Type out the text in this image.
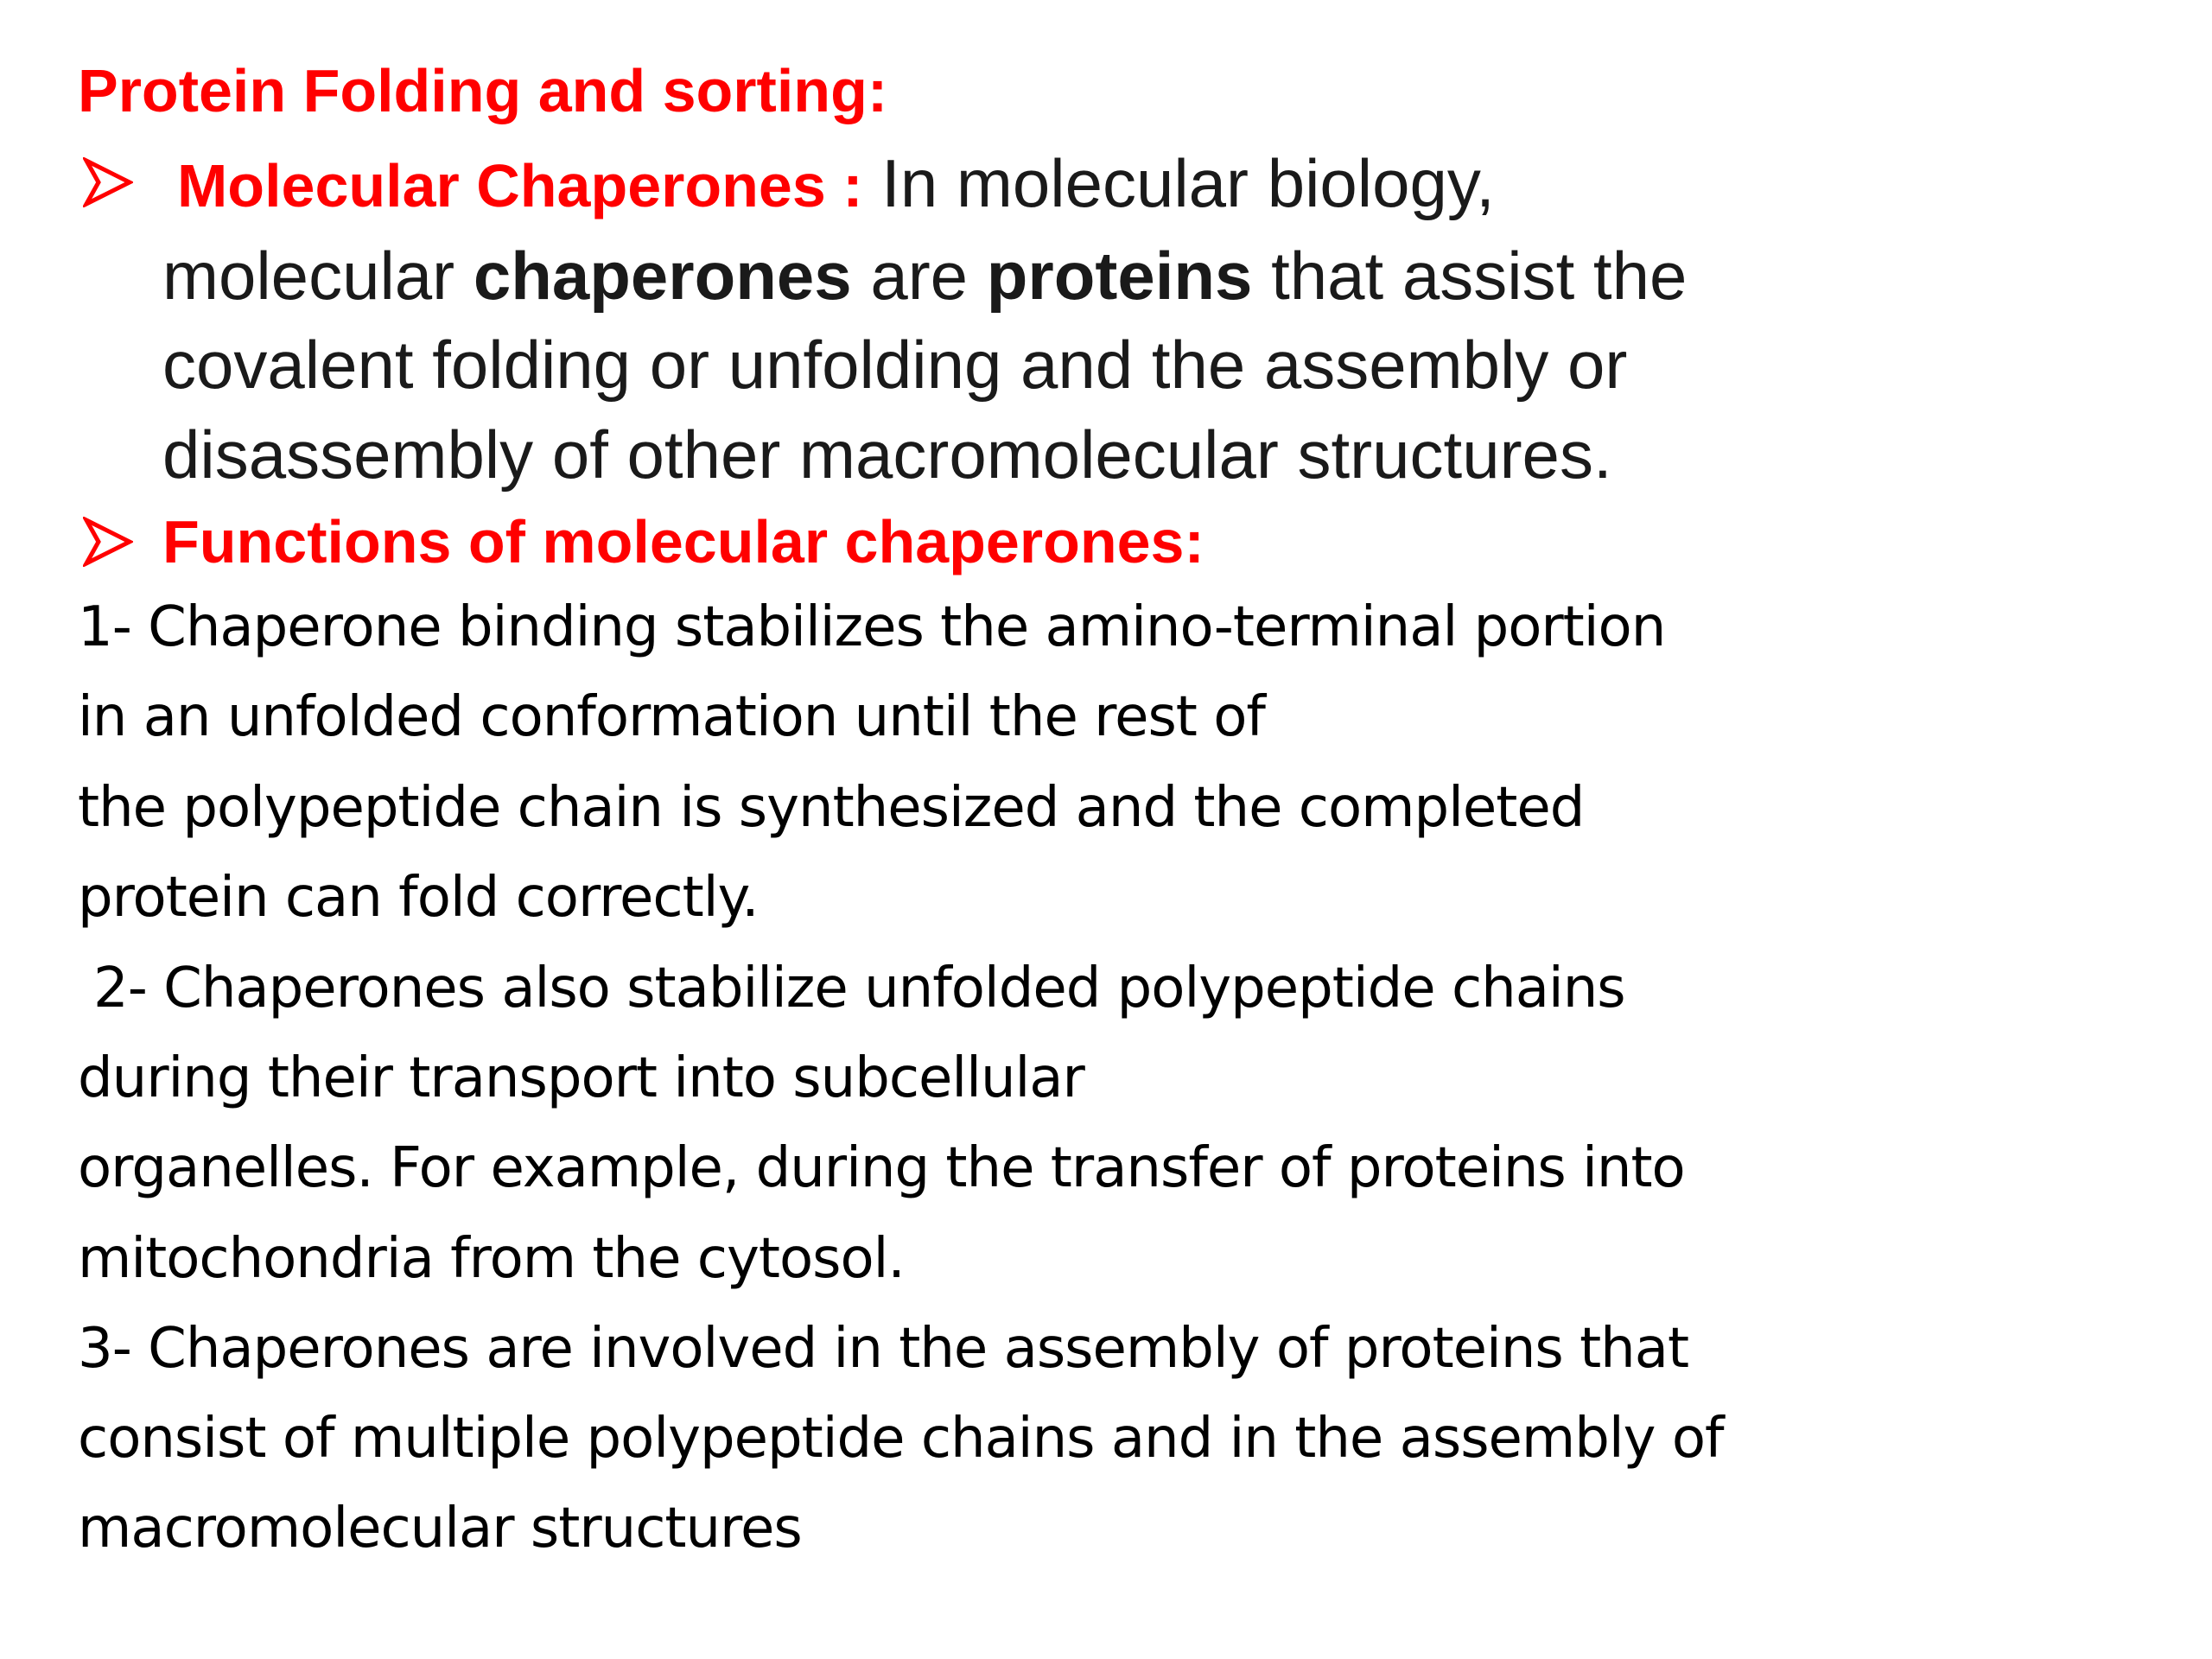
Protein Folding and sorting:
Molecular Chaperones : In molecular biology,
molecular chaperones are proteins that assist the
covalent folding or unfolding and the assembly or
disassembly of other macromolecular structures.
Functions of molecular chaperones:
1- Chaperone binding stabilizes the amino-terminal portion
in an unfolded conformation until the rest of
the polypeptide chain is synthesized and the completed
protein can fold correctly.
2- Chaperones also stabilize unfolded polypeptide chains
during their transport into subcellular
organelles. For example, during the transfer of proteins into
mitochondria from the cytosol.
3- Chaperones are involved in the assembly of proteins that
consist of multiple polypeptide chains and in the assembly of
macromolecular structures
